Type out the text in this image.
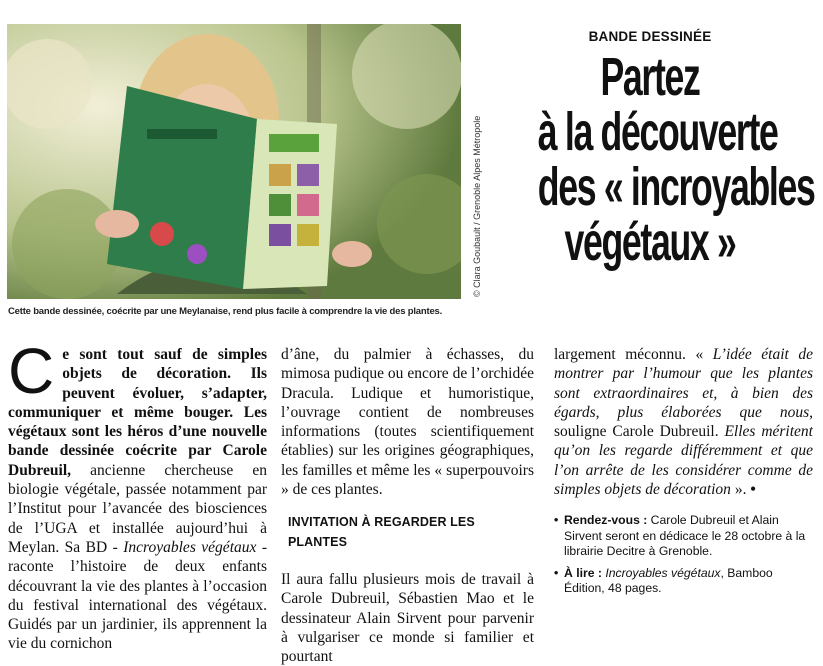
© Clara Goubault / Grenoble Alpes Métropole
Cette bande dessinée, coécrite par une Meylanaise, rend plus facile à comprendre la vie des plantes.
BANDE DESSINÉE
Partez
à la découverte
des « incroyables
végétaux »
Ce sont tout sauf de simples objets de décoration. Ils peuvent évoluer, s’adapter, communiquer et même bouger. Les végétaux sont les héros d’une nouvelle bande dessinée coécrite par Carole Dubreuil, ancienne chercheuse en biologie végétale, passée notamment par l’Institut pour l’avancée des biosciences de l’UGA et installée aujourd’hui à Meylan. Sa BD - Incroyables végétaux - raconte l’histoire de deux enfants découvrant la vie des plantes à l’occasion du festival international des végétaux. Guidés par un jardinier, ils apprennent la vie du cornichon
d’âne, du palmier à échasses, du mimosa pudique ou encore de l’orchidée Dracula. Ludique et humoristique, l’ouvrage contient de nombreuses informations (toutes scientifiquement établies) sur les origines géographiques, les familles et même les « superpouvoirs » de ces plantes.
INVITATION À REGARDER LES PLANTES
Il aura fallu plusieurs mois de travail à Carole Dubreuil, Sébastien Mao et le dessinateur Alain Sirvent pour parvenir à vulgariser ce monde si familier et pourtant
largement méconnu. « L’idée était de montrer par l’humour que les plantes sont extraordinaires et, à bien des égards, plus élaborées que nous, souligne Carole Dubreuil. Elles méritent qu’on les regarde différemment et que l’on arrête de les considérer comme de simples objets de décoration ». •
• Rendez-vous : Carole Dubreuil et Alain Sirvent seront en dédicace le 28 octobre à la librairie Decitre à Grenoble.
• À lire : Incroyables végétaux, Bamboo Édition, 48 pages.
